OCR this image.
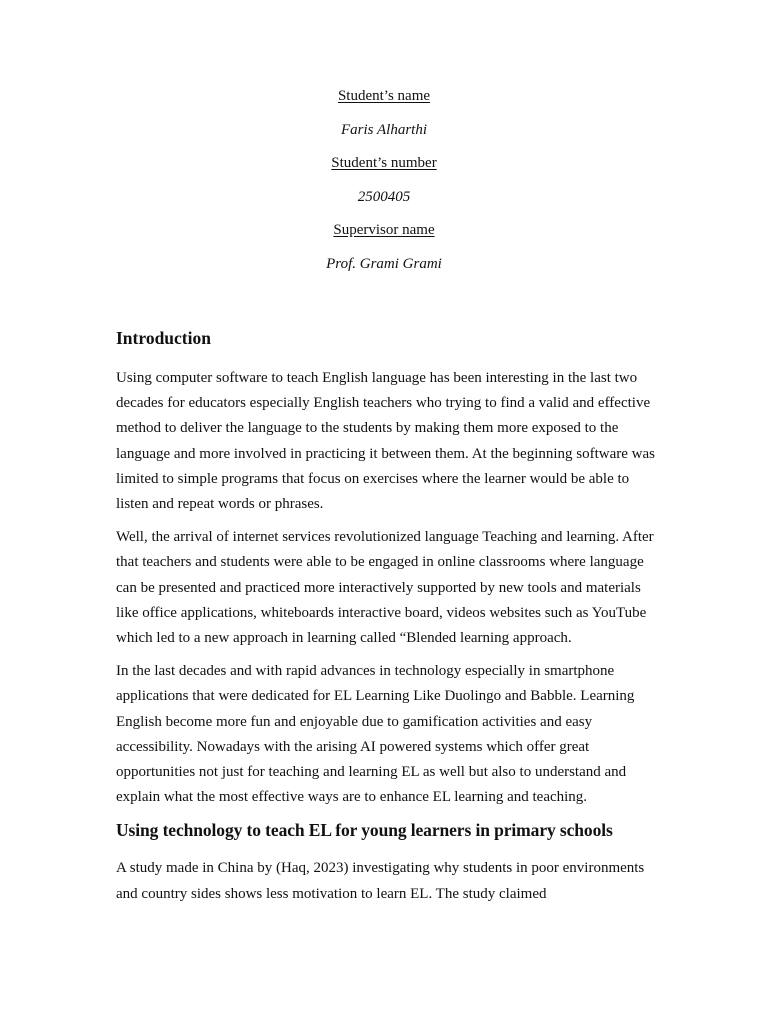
Student’s name
Faris Alharthi
Student’s number
2500405
Supervisor name
Prof. Grami Grami
Introduction

Using computer software to teach English language has been interesting in the last two decades for educators especially English teachers who trying to find a valid and effective method to deliver the language to the students by making them more exposed to the language and more involved in practicing it between them. At the beginning software was limited to simple programs that focus on exercises where the learner would be able to listen and repeat words or phrases.

Well, the arrival of internet services revolutionized language Teaching and learning. After that teachers and students were able to be engaged in online classrooms where language can be presented and practiced more interactively supported by new tools and materials like office applications, whiteboards interactive board, videos websites such as YouTube which led to a new approach in learning called “Blended learning approach.

In the last decades and with rapid advances in technology especially in smartphone applications that were dedicated for EL Learning Like Duolingo and Babble. Learning English become more fun and enjoyable due to gamification activities and easy accessibility. Nowadays with the arising AI powered systems which offer great opportunities not just for teaching and learning EL as well but also to understand and explain what the most effective ways are to enhance EL learning and teaching.

Using technology to teach EL for young learners in primary schools

A study made in China by (Haq, 2023) investigating why students in poor environments and country sides shows less motivation to learn EL. The study claimed
